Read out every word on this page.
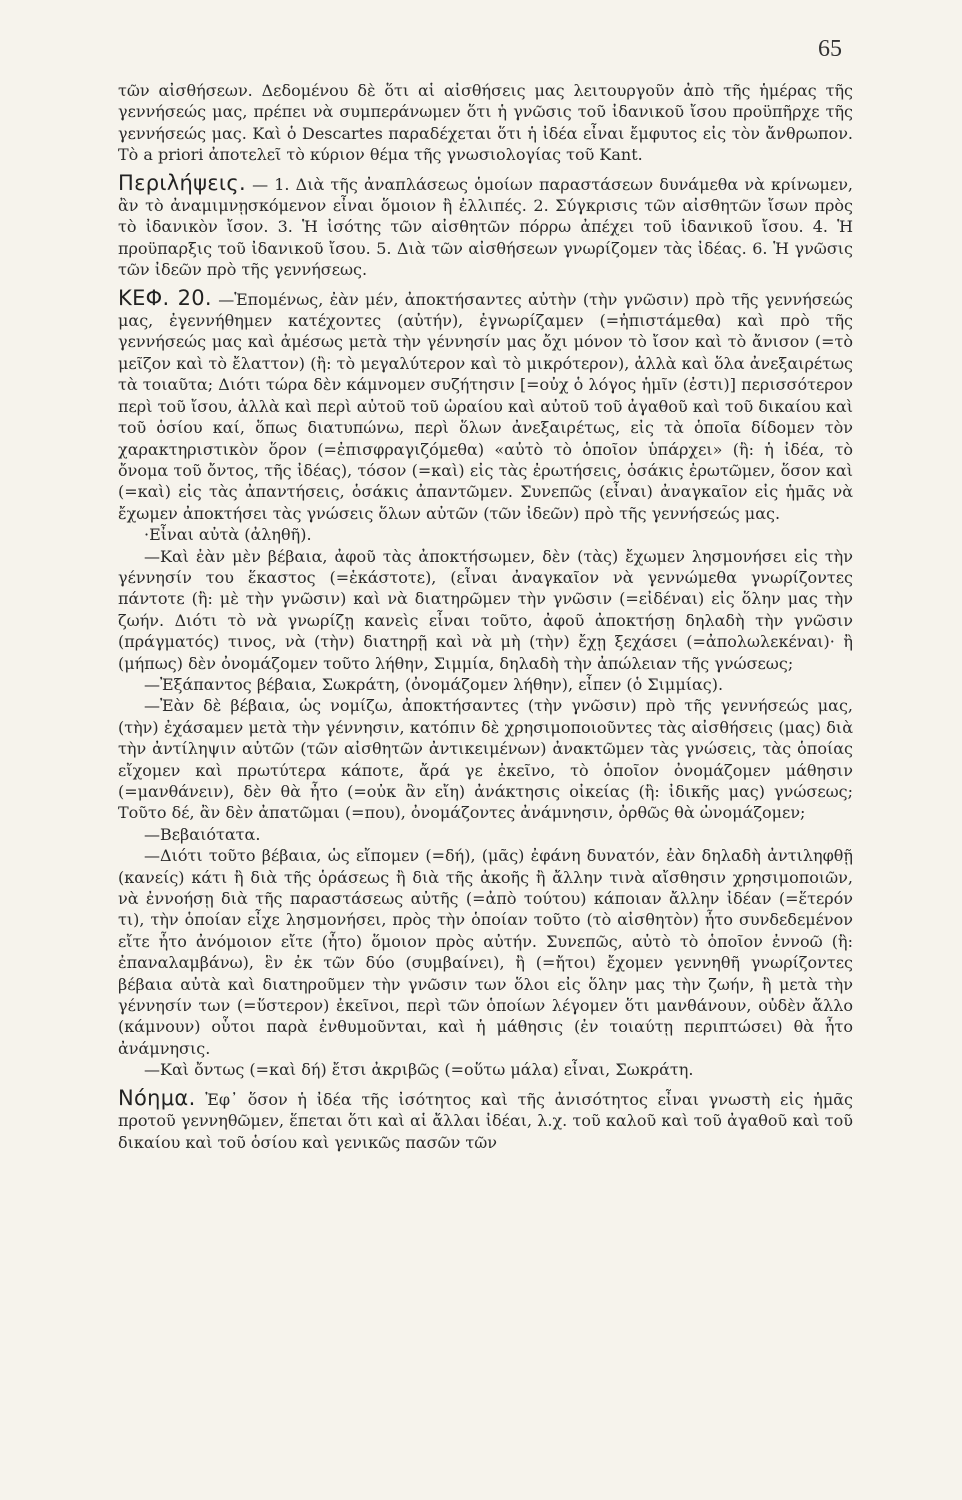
65

τῶν αἰσθήσεων. Δεδομένου δὲ ὅτι αἱ αἰσθήσεις μας λειτουργοῦν ἀπὸ τῆς ἡμέρας τῆς γεννήσεώς μας, πρέπει νὰ συμπεράνωμεν ὅτι ἡ γνῶσις τοῦ ἰδανικοῦ ἴσου προϋπῆρχε τῆς γεννήσεώς μας. Καὶ ὁ Descartes παραδέχεται ὅτι ἡ ἰδέα εἶναι ἔμφυτος εἰς τὸν ἄνθρωπον. Τὸ a priori ἀποτελεῖ τὸ κύριον θέμα τῆς γνωσιολογίας τοῦ Kant.

Περιλήψεις. — 1. Διὰ τῆς ἀναπλάσεως ὁμοίων παραστάσεων δυνάμεθα νὰ κρίνωμεν, ἂν τὸ ἀναμιμνῃσκόμενον εἶναι ὅμοιον ἢ ἐλλιπές. 2. Σύγκρισις τῶν αἰσθητῶν ἴσων πρὸς τὸ ἰδανικὸν ἴσον. 3. Ἡ ἰσότης τῶν αἰσθητῶν πόρρω ἀπέχει τοῦ ἰδανικοῦ ἴσου. 4. Ἡ προϋπαρξις τοῦ ἰδανικοῦ ἴσου. 5. Διὰ τῶν αἰσθήσεων γνωρίζομεν τὰς ἰδέας. 6. Ἡ γνῶσις τῶν ἰδεῶν πρὸ τῆς γεννήσεως.

ΚΕΦ. 20. —Ἑπομένως, ἐὰν μέν, ἀποκτήσαντες αὐτὴν (τὴν γνῶσιν) πρὸ τῆς γεννήσεώς μας, ἐγεννήθημεν κατέχοντες (αὐτήν), ἐγνωρίζαμεν (=ἠπιστάμεθα) καὶ πρὸ τῆς γεννήσεώς μας καὶ ἀμέσως μετὰ τὴν γέννησίν μας ὄχι μόνον τὸ ἴσον καὶ τὸ ἄνισον (=τὸ μεῖζον καὶ τὸ ἔλαττον) (ἢ: τὸ μεγαλύτερον καὶ τὸ μικρότερον), ἀλλὰ καὶ ὅλα ἀνεξαιρέτως τὰ τοιαῦτα; Διότι τώρα δὲν κάμνομεν συζήτησιν [=οὐχ ὁ λόγος ἡμῖν (ἐστι)] περισσότερον περὶ τοῦ ἴσου, ἀλλὰ καὶ περὶ αὐτοῦ τοῦ ὡραίου καὶ αὐτοῦ τοῦ ἀγαθοῦ καὶ τοῦ δικαίου καὶ τοῦ ὁσίου καί, ὅπως διατυπώνω, περὶ ὅλων ἀνεξαιρέτως, εἰς τὰ ὁποῖα δίδομεν τὸν χαρακτηριστικὸν ὅρον (=ἐπισφραγιζόμεθα) «αὐτὸ τὸ ὁποῖον ὑπάρχει» (ἢ: ἡ ἰδέα, τὸ ὄνομα τοῦ ὄντος, τῆς ἰδέας), τόσον (=καὶ) εἰς τὰς ἐρωτήσεις, ὁσάκις ἐρωτῶμεν, ὅσον καὶ (=καὶ) εἰς τὰς ἀπαντήσεις, ὁσάκις ἀπαντῶμεν. Συνεπῶς (εἶναι) ἀναγκαῖον εἰς ἡμᾶς νὰ ἔχωμεν ἀποκτήσει τὰς γνώσεις ὅλων αὐτῶν (τῶν ἰδεῶν) πρὸ τῆς γεννήσεώς μας.

·Εἶναι αὐτὰ (ἀληθῆ).

—Καὶ ἐὰν μὲν βέβαια, ἀφοῦ τὰς ἀποκτήσωμεν, δὲν (τὰς) ἔχωμεν λησμονήσει εἰς τὴν γέννησίν του ἕκαστος (=ἑκάστοτε), (εἶναι ἀναγκαῖον νὰ γεννώμεθα γνωρίζοντες πάντοτε (ἢ: μὲ τὴν γνῶσιν) καὶ νὰ διατηρῶμεν τὴν γνῶσιν (=εἰδέναι) εἰς ὅλην μας τὴν ζωήν. Διότι τὸ νὰ γνωρίζῃ κανεὶς εἶναι τοῦτο, ἀφοῦ ἀποκτήσῃ δηλαδὴ τὴν γνῶσιν (πράγματός) τινος, νὰ (τὴν) διατηρῇ καὶ νὰ μὴ (τὴν) ἔχῃ ξεχάσει (=ἀπολωλεκέναι)· ἢ (μήπως) δὲν ὀνομάζομεν τοῦτο λήθην, Σιμμία, δηλαδὴ τὴν ἀπώλειαν τῆς γνώσεως;

—Ἐξάπαντος βέβαια, Σωκράτη, (ὀνομάζομεν λήθην), εἶπεν (ὁ Σιμμίας).

—Ἐὰν δὲ βέβαια, ὡς νομίζω, ἀποκτήσαντες (τὴν γνῶσιν) πρὸ τῆς γεννήσεώς μας, (τὴν) ἐχάσαμεν μετὰ τὴν γέννησιν, κατόπιν δὲ χρησιμοποιοῦντες τὰς αἰσθήσεις (μας) διὰ τὴν ἀντίληψιν αὐτῶν (τῶν αἰσθητῶν ἀντικειμένων) ἀνακτῶμεν τὰς γνώσεις, τὰς ὁποίας εἴχομεν καὶ πρωτύτερα κάποτε, ἄρά γε ἐκεῖνο, τὸ ὁποῖον ὀνομάζομεν μάθησιν (=μανθάνειν), δὲν θὰ ἦτο (=οὐκ ἂν εἴη) ἀνάκτησις οἰκείας (ἢ: ἰδικῆς μας) γνώσεως; Τοῦτο δέ, ἂν δὲν ἀπατῶμαι (=που), ὀνομάζοντες ἀνάμνησιν, ὀρθῶς θὰ ὠνομάζομεν;

—Βεβαιότατα.

—Διότι τοῦτο βέβαια, ὡς εἴπομεν (=δή), (μᾶς) ἐφάνη δυνατόν, ἐὰν δηλαδὴ ἀντιληφθῇ (κανείς) κάτι ἢ διὰ τῆς ὁράσεως ἢ διὰ τῆς ἀκοῆς ἢ ἄλλην τινὰ αἴσθησιν χρησιμοποιῶν, νὰ ἐννοήσῃ διὰ τῆς παραστάσεως αὐτῆς (=ἀπὸ τούτου) κάποιαν ἄλλην ἰδέαν (=ἕτερόν τι), τὴν ὁποίαν εἶχε λησμονήσει, πρὸς τὴν ὁποίαν τοῦτο (τὸ αἰσθητὸν) ἦτο συνδεδεμένον εἴτε ἦτο ἀνόμοιον εἴτε (ἦτο) ὅμοιον πρὸς αὐτήν. Συνεπῶς, αὐτὸ τὸ ὁποῖον ἐννοῶ (ἢ: ἐπαναλαμβάνω), ἓν ἐκ τῶν δύο (συμβαίνει), ἢ (=ἤτοι) ἔχομεν γεννηθῆ γνωρίζοντες βέβαια αὐτὰ καὶ διατηροῦμεν τὴν γνῶσιν των ὅλοι εἰς ὅλην μας τὴν ζωήν, ἢ μετὰ τὴν γέννησίν των (=ὕστερον) ἐκεῖνοι, περὶ τῶν ὁποίων λέγομεν ὅτι μανθάνουν, οὐδὲν ἄλλο (κάμνουν) οὗτοι παρὰ ἐνθυμοῦνται, καὶ ἡ μάθησις (ἐν τοιαύτῃ περιπτώσει) θὰ ἦτο ἀνάμνησις.

—Καὶ ὄντως (=καὶ δή) ἔτσι ἀκριβῶς (=οὕτω μάλα) εἶναι, Σωκράτη.

Νόημα. Ἐφ᾽ ὅσον ἡ ἰδέα τῆς ἰσότητος καὶ τῆς ἀνισότητος εἶναι γνωστὴ εἰς ἡμᾶς προτοῦ γεννηθῶμεν, ἕπεται ὅτι καὶ αἱ ἄλλαι ἰδέαι, λ.χ. τοῦ καλοῦ καὶ τοῦ ἀγαθοῦ καὶ τοῦ δικαίου καὶ τοῦ ὁσίου καὶ γενικῶς πασῶν τῶν
